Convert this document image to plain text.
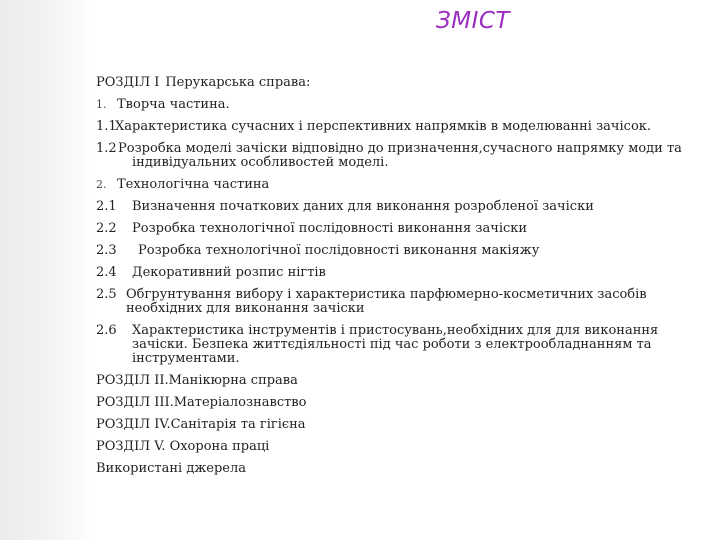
ЗМІСТ
РОЗДІЛ І Перукарська справа:
1. Творча частина.
1.1
Характеристика сучасних і перспективних напрямків в моделюванні зачісок.
1.2 Розробка моделі зачіски відповідно до призначення,сучасного напрямку моди та індивідуальних особливостей моделі.
2. Технологічна частина
2.1	Визначення початкових даних для виконання розробленої зачіски
2.2	Розробка технологічної послідовності виконання зачіски
2.3	Розробка технологічної послідовності виконання макіяжу
2.4	Декоративний розпис нігтів
2.5 Обгрунтування вибору і характеристика парфюмерно-косметичних засобів необхідних для виконання зачіски
2.6	Характеристика інструментів і пристосувань,необхідних для для виконання зачіски. Безпека життєдіяльності під час роботи з електрообладнанням та інструментами.
РОЗДІЛ ІІ.Манікюрна справа
РОЗДІЛ ІІІ.Матеріалознавство
РОЗДІЛ ІV.Санітарія та гігієна
РОЗДІЛ V. Охорона праці
Використані джерела
